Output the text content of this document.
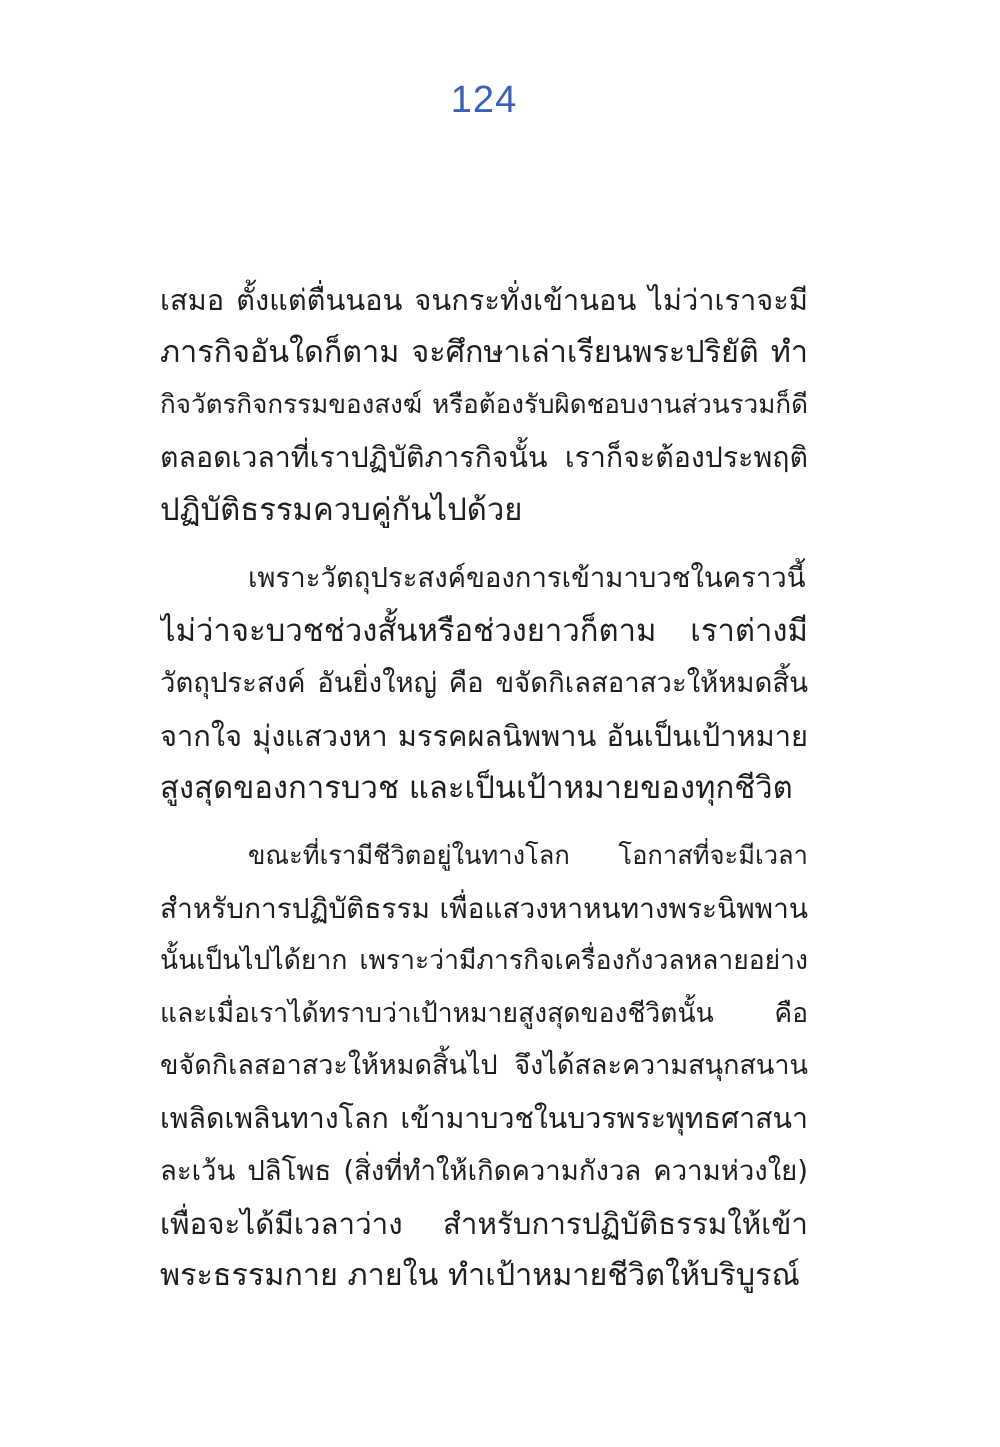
124
เสมอ ตั้งแต่ตื่นนอน จนกระทั่งเข้านอน ไม่ว่าเราจะมี
ภารกิจอันใดก็ตาม จะศึกษาเล่าเรียนพระปริยัติ ทำ
กิจวัตรกิจกรรมของสงฆ์ หรือต้องรับผิดชอบงานส่วนรวมก็ดี
ตลอดเวลาที่เราปฏิบัติภารกิจนั้น เราก็จะต้องประพฤติ
ปฏิบัติธรรมควบคู่กันไปด้วย
เพราะวัตถุประสงค์ของการเข้ามาบวชในคราวนี้
ไม่ว่าจะบวชช่วงสั้นหรือช่วงยาวก็ตาม เราต่างมี
วัตถุประสงค์ อันยิ่งใหญ่ คือ ขจัดกิเลสอาสวะให้หมดสิ้น
จากใจ มุ่งแสวงหา มรรคผลนิพพาน อันเป็นเป้าหมาย
สูงสุดของการบวช และเป็นเป้าหมายของทุกชีวิต
ขณะที่เรามีชีวิตอยู่ในทางโลก โอกาสที่จะมีเวลา
สำหรับการปฏิบัติธรรม เพื่อแสวงหาหนทางพระนิพพาน
นั้นเป็นไปได้ยาก เพราะว่ามีภารกิจเครื่องกังวลหลายอย่าง
และเมื่อเราได้ทราบว่าเป้าหมายสูงสุดของชีวิตนั้น คือ
ขจัดกิเลสอาสวะให้หมดสิ้นไป จึงได้สละความสนุกสนาน
เพลิดเพลินทางโลก เข้ามาบวชในบวรพระพุทธศาสนา
ละเว้น ปลิโพธ (สิ่งที่ทำให้เกิดความกังวล ความห่วงใย)
เพื่อจะได้มีเวลาว่าง สำหรับการปฏิบัติธรรมให้เข้า
พระธรรมกาย ภายใน ทำเป้าหมายชีวิตให้บริบูรณ์
